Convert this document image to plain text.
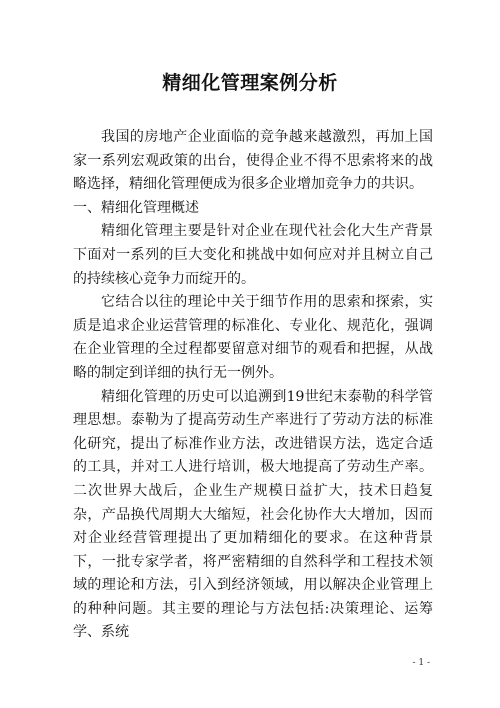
精细化管理案例分析

我国的房地产企业面临的竞争越来越激烈，再加上国家一系列宏观政策的出台，使得企业不得不思索将来的战略选择，精细化管理便成为很多企业增加竞争力的共识。

一、精细化管理概述

精细化管理主要是针对企业在现代社会化大生产背景下面对一系列的巨大变化和挑战中如何应对并且树立自己的持续核心竞争力而绽开的。

它结合以往的理论中关于细节作用的思索和探索，实质是追求企业运营管理的标准化、专业化、规范化，强调在企业管理的全过程都要留意对细节的观看和把握，从战略的制定到详细的执行无一例外。

精细化管理的历史可以追溯到19世纪末泰勒的科学管理思想。泰勒为了提高劳动生产率进行了劳动方法的标准化研究，提出了标准作业方法，改进错误方法，选定合适的工具，并对工人进行培训，极大地提高了劳动生产率。二次世界大战后，企业生产规模日益扩大，技术日趋复杂，产品换代周期大大缩短，社会化协作大大增加，因而对企业经营管理提出了更加精细化的要求。在这种背景下，一批专家学者，将严密精细的自然科学和工程技术领域的理论和方法，引入到经济领域，用以解决企业管理上的种种问题。其主要的理论与方法包括:决策理论、运筹学、系统

- 1 -
